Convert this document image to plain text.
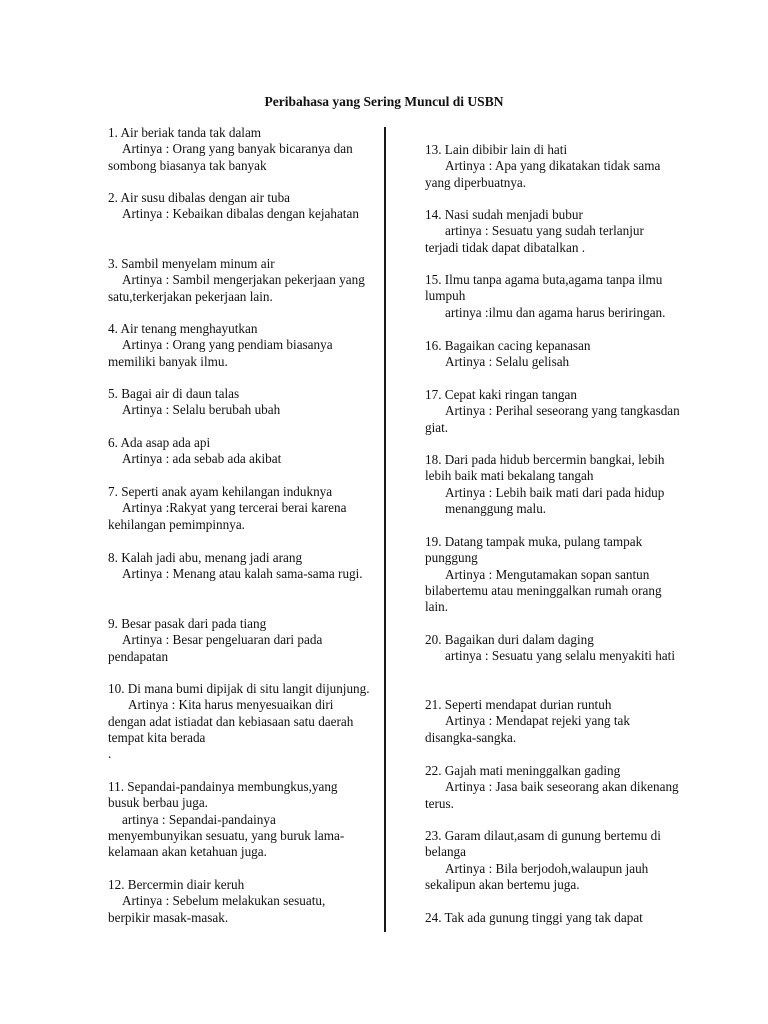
Peribahasa yang Sering Muncul di USBN
1. Air beriak tanda tak dalam
Artinya : Orang yang banyak bicaranya dan sombong biasanya tak banyak
2. Air susu dibalas dengan air tuba
Artinya : Kebaikan dibalas dengan kejahatan
3. Sambil menyelam minum air
Artinya : Sambil mengerjakan pekerjaan yang satu,terkerjakan pekerjaan lain.
4. Air tenang menghayutkan
Artinya : Orang yang pendiam biasanya memiliki banyak ilmu.
5. Bagai air di daun talas
Artinya : Selalu berubah ubah
6. Ada asap ada api
Artinya : ada sebab ada akibat
7. Seperti anak ayam kehilangan induknya
Artinya :Rakyat yang tercerai berai karena kehilangan pemimpinnya.
8. Kalah jadi abu, menang jadi arang
Artinya : Menang atau kalah sama-sama rugi.
9. Besar pasak dari pada tiang
Artinya : Besar pengeluaran dari pada pendapatan
10. Di mana bumi dipijak di situ langit dijunjung.
Artinya : Kita harus menyesuaikan diri dengan adat istiadat dan kebiasaan satu daerah tempat kita berada
.
11. Sepandai-pandainya membungkus,yang busuk berbau juga.
artinya : Sepandai-pandainya menyembunyikan sesuatu, yang buruk lama-kelamaan akan ketahuan juga.
12. Bercermin diair keruh
Artinya : Sebelum melakukan sesuatu, berpikir masak-masak.
13. Lain dibibir lain di hati
Artinya : Apa yang dikatakan tidak sama yang diperbuatnya.
14. Nasi sudah menjadi bubur
artinya : Sesuatu yang sudah terlanjur terjadi tidak dapat dibatalkan .
15. Ilmu tanpa agama buta,agama tanpa ilmu lumpuh
artinya :ilmu dan agama harus beriringan.
16. Bagaikan cacing kepanasan
Artinya : Selalu gelisah
17. Cepat kaki ringan tangan
Artinya : Perihal seseorang yang tangkasdan giat.
18. Dari pada hidub bercermin bangkai, lebih lebih baik mati bekalang tangah
Artinya : Lebih baik mati dari pada hidup menanggung malu.
19. Datang tampak muka, pulang tampak punggung
Artinya : Mengutamakan sopan santun bilabertemu atau meninggalkan rumah orang lain.
20. Bagaikan duri dalam daging
artinya : Sesuatu yang selalu menyakiti hati
21. Seperti mendapat durian runtuh
Artinya : Mendapat rejeki yang tak disangka-sangka.
22. Gajah mati meninggalkan gading
Artinya : Jasa baik seseorang akan dikenang terus.
23. Garam dilaut,asam di gunung bertemu di belanga
Artinya : Bila berjodoh,walaupun jauh sekalipun akan bertemu juga.
24. Tak ada gunung tinggi yang tak dapat
